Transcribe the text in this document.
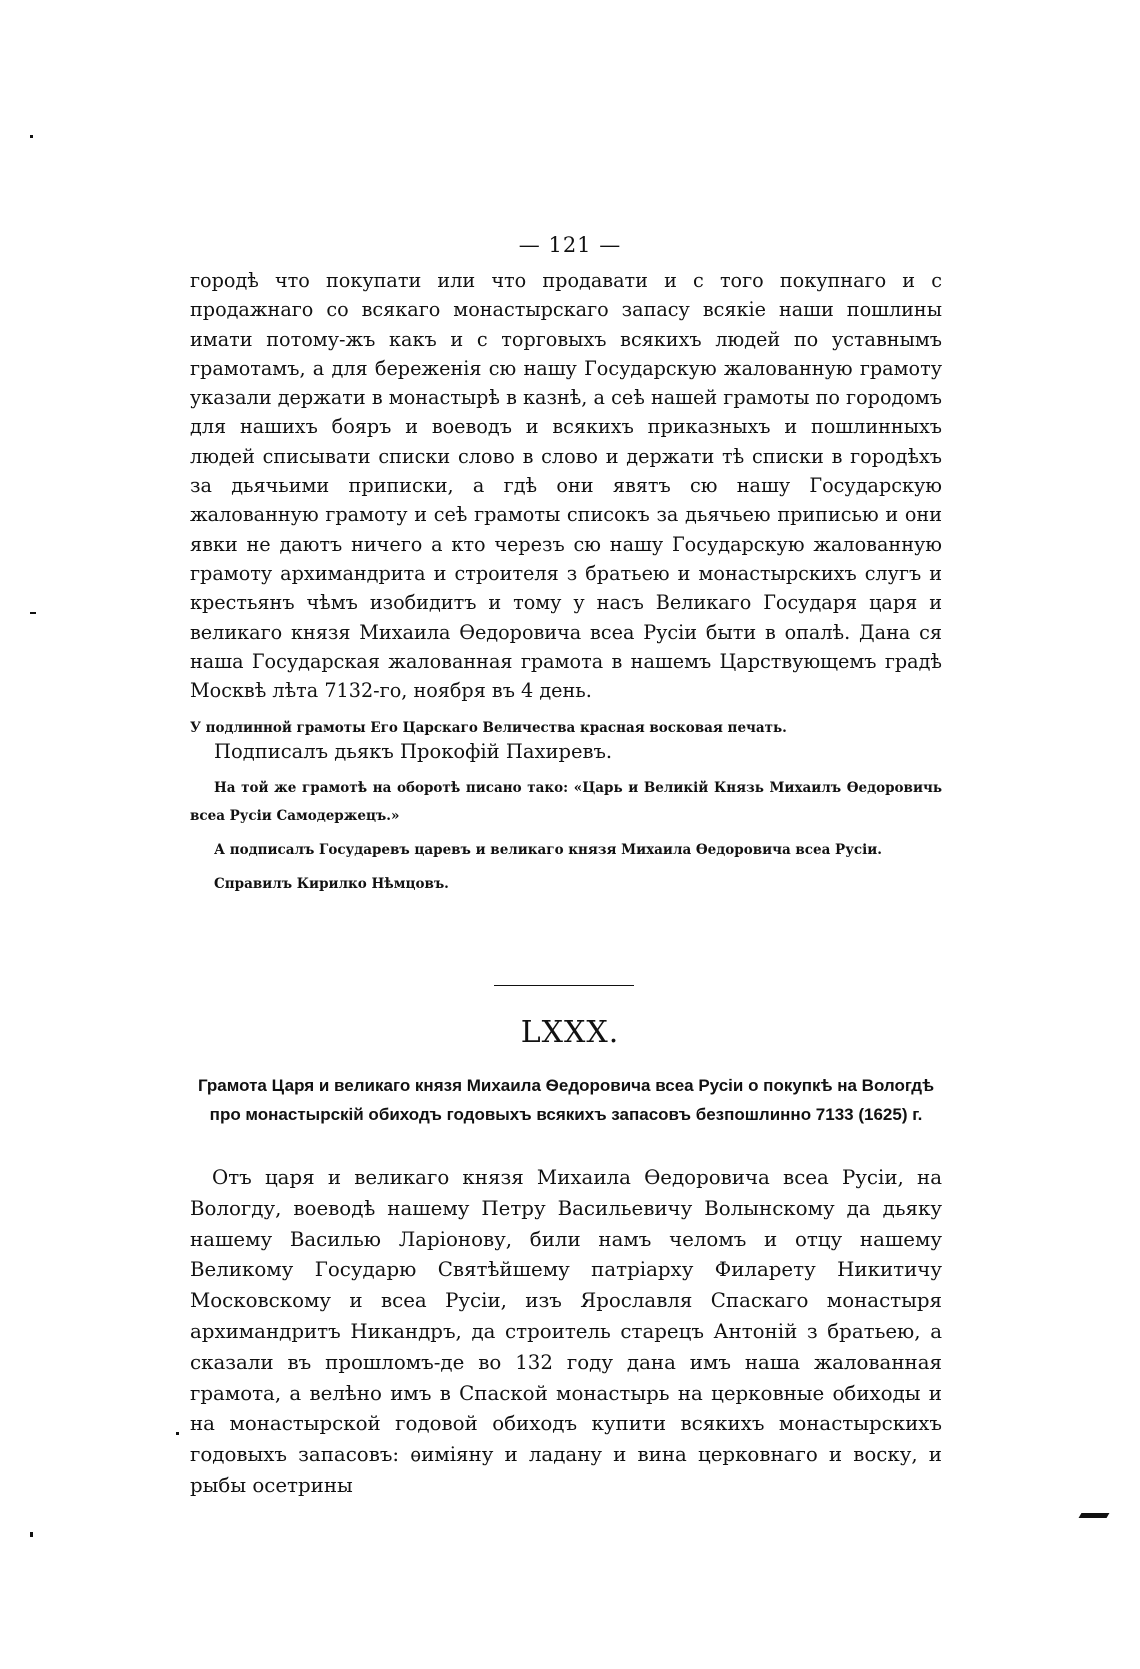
— 121 —

городѣ что покупати или что продавати и с того покупнаго и с продажнаго со всякаго монастырскаго запасу всякіе наши пошлины имати потому-жъ какъ и с торговыхъ всякихъ людей по уставнымъ грамотамъ, а для береженія сю нашу Государскую жалованную грамоту указали держати в монастырѣ в казнѣ, а сеѣ нашей грамоты по городомъ для нашихъ бояръ и воеводъ и всякихъ приказныхъ и пошлинныхъ людей списывати списки слово в слово и держати тѣ списки в городѣхъ за дьячьими приписки, а гдѣ они явятъ сю нашу Государскую жалованную грамоту и сеѣ грамоты списокъ за дьячьею приписью и они явки не даютъ ничего а кто черезъ сю нашу Государскую жалованную грамоту архимандрита и строителя з братьею и монастырскихъ слугъ и крестьянъ чѣмъ изобидитъ и тому у насъ Великаго Государя царя и великаго князя Михаила Ѳедоровича всеа Русіи быти в опалѣ. Дана ся наша Государская жалованная грамота в нашемъ Царствующемъ градѣ Москвѣ лѣта 7132-го, ноября въ 4 день.

У подлинной грамоты Его Царскаго Величества красная восковая печать.
Подписалъ дьякъ Прокофій Пахиревъ.

На той же грамотѣ на оборотѣ писано тако: «Царь и Великій Князь Михаилъ Ѳедоровичь всеа Русіи Самодержецъ.»

А подписалъ Государевъ царевъ и великаго князя Михаила Ѳедоровича всеа Русіи.

Справилъ Кирилко Нѣмцовъ.

LXXX.
Грамота Царя и великаго князя Михаила Ѳедоровича всеа Русіи о покупкѣ на Вологдѣ про монастырскій обиходъ годовыхъ всякихъ запасовъ безпошлинно 7133 (1625) г.
Отъ царя и великаго князя Михаила Ѳедоровича всеа Русіи, на Вологду, воеводѣ нашему Петру Васильевичу Волынскому да дьяку нашему Василью Ларіонову, били намъ челомъ и отцу нашему Великому Государю Святѣйшему патріарху Филарету Никитичу Московскому и всеа Русіи, изъ Ярославля Спаскаго монастыря архимандритъ Никандръ, да строитель старецъ Антоній з братьею, а сказали въ прошломъ-де во 132 году дана имъ наша жалованная грамота, а велѣно имъ в Спаской монастырь на церковные обиходы и на монастырской годовой обиходъ купити всякихъ монастырскихъ годовыхъ запасовъ: ѳиміяну и ладану и вина церковнаго и воску, и рыбы осетрины
